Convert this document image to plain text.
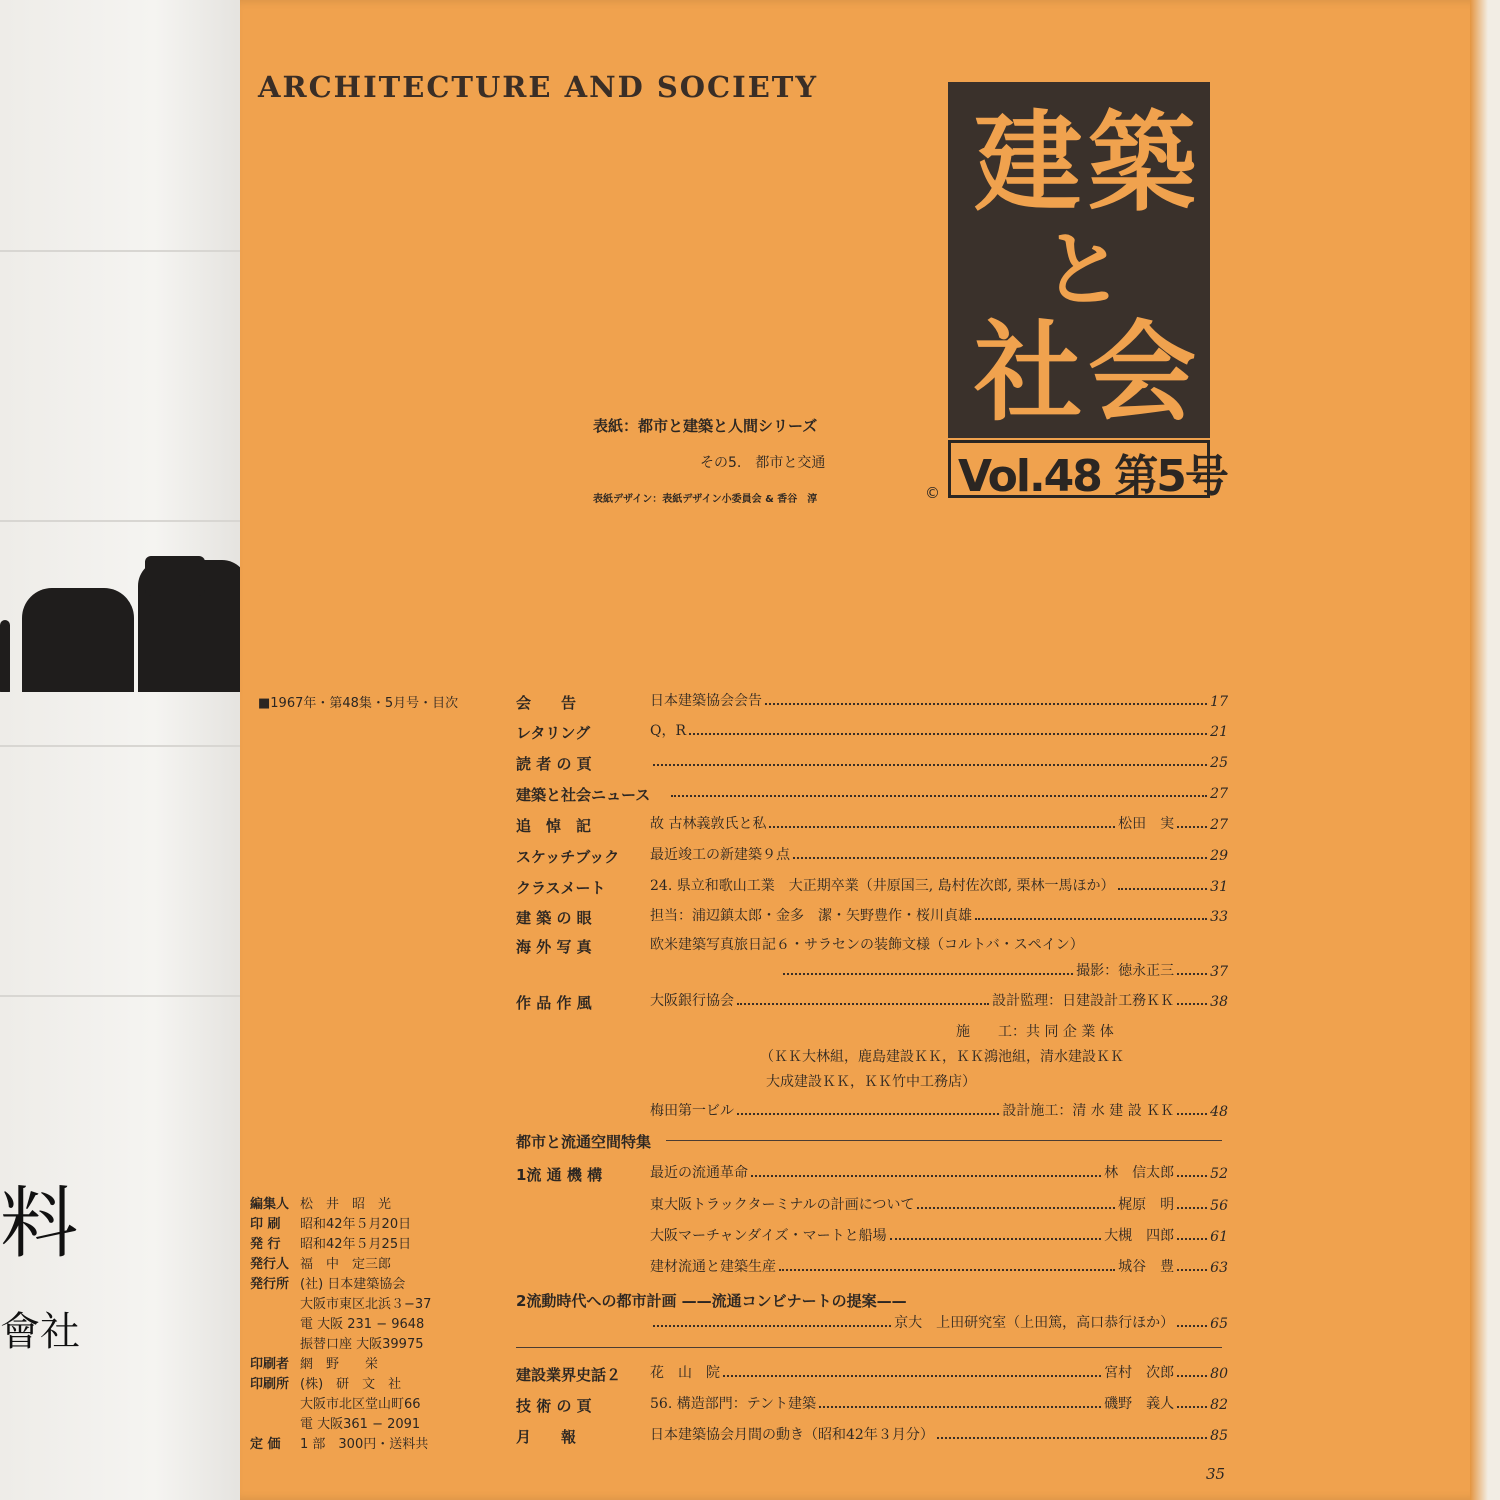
料
會社
ARCHITECTURE AND SOCIETY
建 築
と
社 会
Vol.48 第5号
表紙：都市と建築と人間シリーズ
その5.　都市と交通
表紙デザイン：表紙デザイン小委員会 & 香谷　淳	©
■1967年・第48集・5月号・目次	会　　告	日本建築協会会告	17
レタリング	Q，R	21
読 者 の 頁	25
建築と社会ニュース	27
追　悼　記	故 古林義敦氏と私	松田　実	27
スケッチブック 最近竣工の新建築９点	29
クラスメート	24. 県立和歌山工業　大正期卒業（井原国三, 島村佐次郎, 栗林一馬ほか）	31
建 築 の 眼	担当：浦辺鎮太郎・金多　潔・矢野豊作・桜川貞雄	33
海 外 写 真	欧米建築写真旅日記６・サラセンの装飾文様（コルトバ・スペイン）
撮影：徳永正三	37
作 品 作 風	大阪銀行協会	設計監理：日建設計工務ＫＫ	38
施　　工：共 同 企 業 体
（ＫＫ大林組，鹿島建設ＫＫ，ＫＫ鴻池組，清水建設ＫＫ
大成建設ＫＫ，ＫＫ竹中工務店）
梅田第一ビル	設計施工：清 水 建 設 ＫＫ	48
都市と流通空間特集
1流 通 機 構	最近の流通革命	林　信太郎	52
東大阪トラックターミナルの計画について	梶原　明	56
大阪マーチャンダイズ・マートと船場	大槻　四郎	61
建材流通と建築生産	城谷　豊	63
2流動時代への都市計画 ——流通コンビナートの提案——
京大　上田研究室（上田篤，高口恭行ほか）	65
建設業界史話２ 花　山　院	宮村　次郎	80
技 術 の 頁	56. 構造部門：テント建築	磯野　義人	82
月　　報	日本建築協会月間の動き（昭和42年３月分）	85
編集人 松　井　昭　光
印 刷 昭和42年５月20日
発 行 昭和42年５月25日
発行人 福　中　定三郎
発行所 (社) 日本建築協会
大阪市東区北浜３−37
電 大阪 231 − 9648
振替口座 大阪39975
印刷者 網　野　　栄
印刷所 (株)　研　文　社
大阪市北区堂山町66
電 大阪361 − 2091
定 価 1 部　300円・送料共
35
